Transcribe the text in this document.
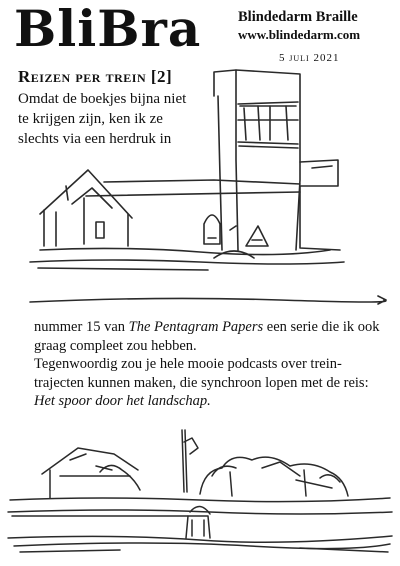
BliBra	Blindedarm Braille
www.blindedarm.com
5 juli 2021
Reizen per trein [2]
Omdat de boekjes bijna niet
te krijgen zijn, ken ik ze
slechts via een herdruk in
nummer 15 van The Pentagram Papers een serie die ik ook
graag compleet zou hebben.
Tegenwoordig zou je hele mooie podcasts over trein-
trajecten kunnen maken, die synchroon lopen met de reis:
Het spoor door het landschap.
